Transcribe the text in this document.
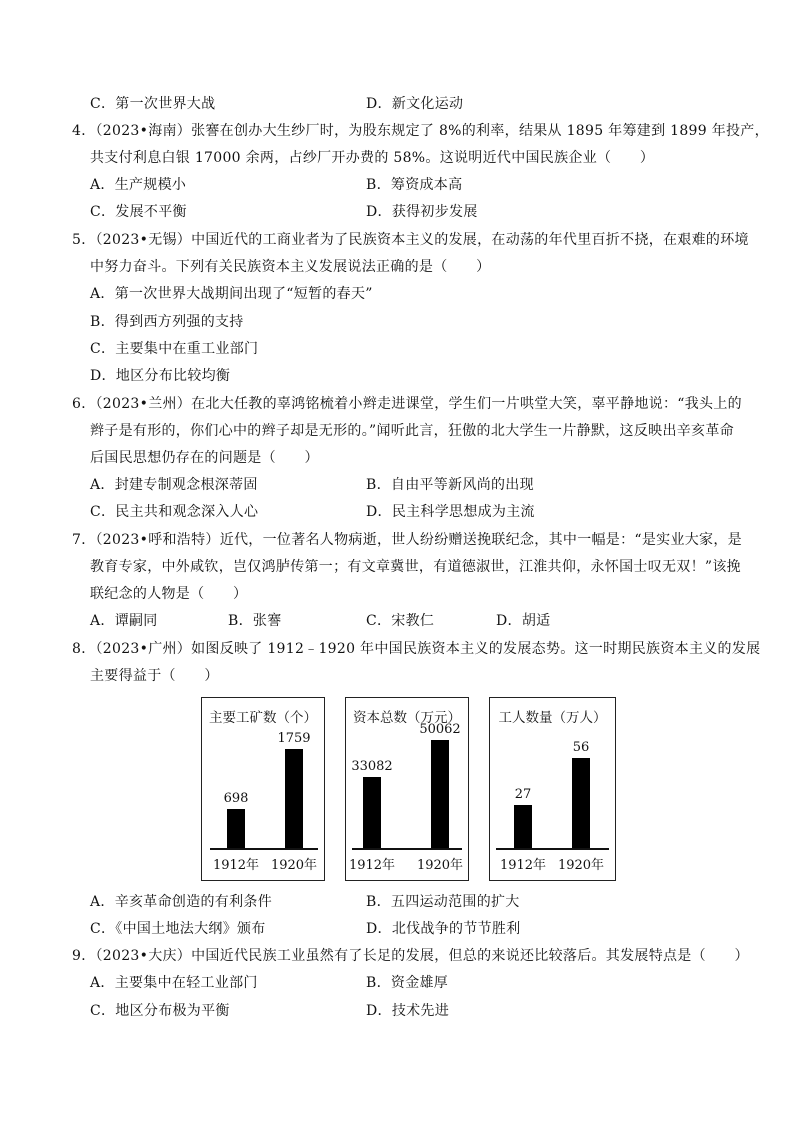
C．第一次世界大战	D．新文化运动
4．（2023•海南）张謇在创办大生纱厂时，为股东规定了 8%的利率，结果从 1895 年筹建到 1899 年投产，
共支付利息白银 17000 余两，占纱厂开办费的 58%。这说明近代中国民族企业（　　）
A．生产规模小	B．筹资成本高
C．发展不平衡	D．获得初步发展
5．（2023•无锡）中国近代的工商业者为了民族资本主义的发展，在动荡的年代里百折不挠，在艰难的环境
中努力奋斗。下列有关民族资本主义发展说法正确的是（　　）
A．第一次世界大战期间出现了“短暂的春天”
B．得到西方列强的支持
C．主要集中在重工业部门
D．地区分布比较均衡
6．（2023•兰州）在北大任教的辜鸿铭梳着小辫走进课堂，学生们一片哄堂大笑，辜平静地说：“我头上的
辫子是有形的，你们心中的辫子却是无形的。”闻听此言，狂傲的北大学生一片静默，这反映出辛亥革命
后国民思想仍存在的问题是（　　）
A．封建专制观念根深蒂固	B．自由平等新风尚的出现
C．民主共和观念深入人心	D．民主科学思想成为主流
7．（2023•呼和浩特）近代，一位著名人物病逝，世人纷纷赠送挽联纪念，其中一幅是：“是实业大家，是
教育专家，中外咸钦，岂仅鸿胪传第一；有文章冀世，有道德淑世，江淮共仰，永怀国士叹无双！”该挽
联纪念的人物是（　　）
A．谭嗣同	B．张謇	C．宋教仁	D．胡适
8．（2023•广州）如图反映了 1912﹣1920 年中国民族资本主义的发展态势。这一时期民族资本主义的发展
主要得益于（　　）
主要工矿数（个）
698
1912年
1759
1920年
资本总数（万元）
33082
1912年
50062
1920年
工人数量（万人）
27
1912年
56
1920年
A．辛亥革命创造的有利条件	B．五四运动范围的扩大
C．《中国土地法大纲》颁布	D．北伐战争的节节胜利
9．（2023•大庆）中国近代民族工业虽然有了长足的发展，但总的来说还比较落后。其发展特点是（　　）
A．主要集中在轻工业部门	B．资金雄厚
C．地区分布极为平衡	D．技术先进
